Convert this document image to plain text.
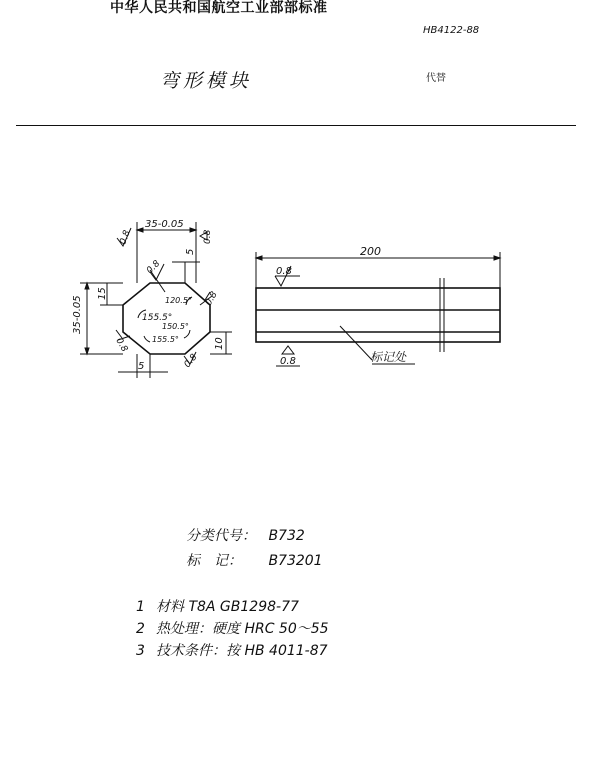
中华人民共和国航空工业部部标准
HB4122-88
弯形模块	代替
35-0.05
35-0.05
15
5
10
5
120.5°
155.5°
150.5°
155.5°
0.8	0.8
0.8
0.8
0.8
0.8
200
0.8
0.8	标记处
分类代号： B732
标　记： B73201
1 材料 T8A GB1298-77
2 热处理：硬度 HRC 50～55
3 技术条件：按 HB 4011-87
